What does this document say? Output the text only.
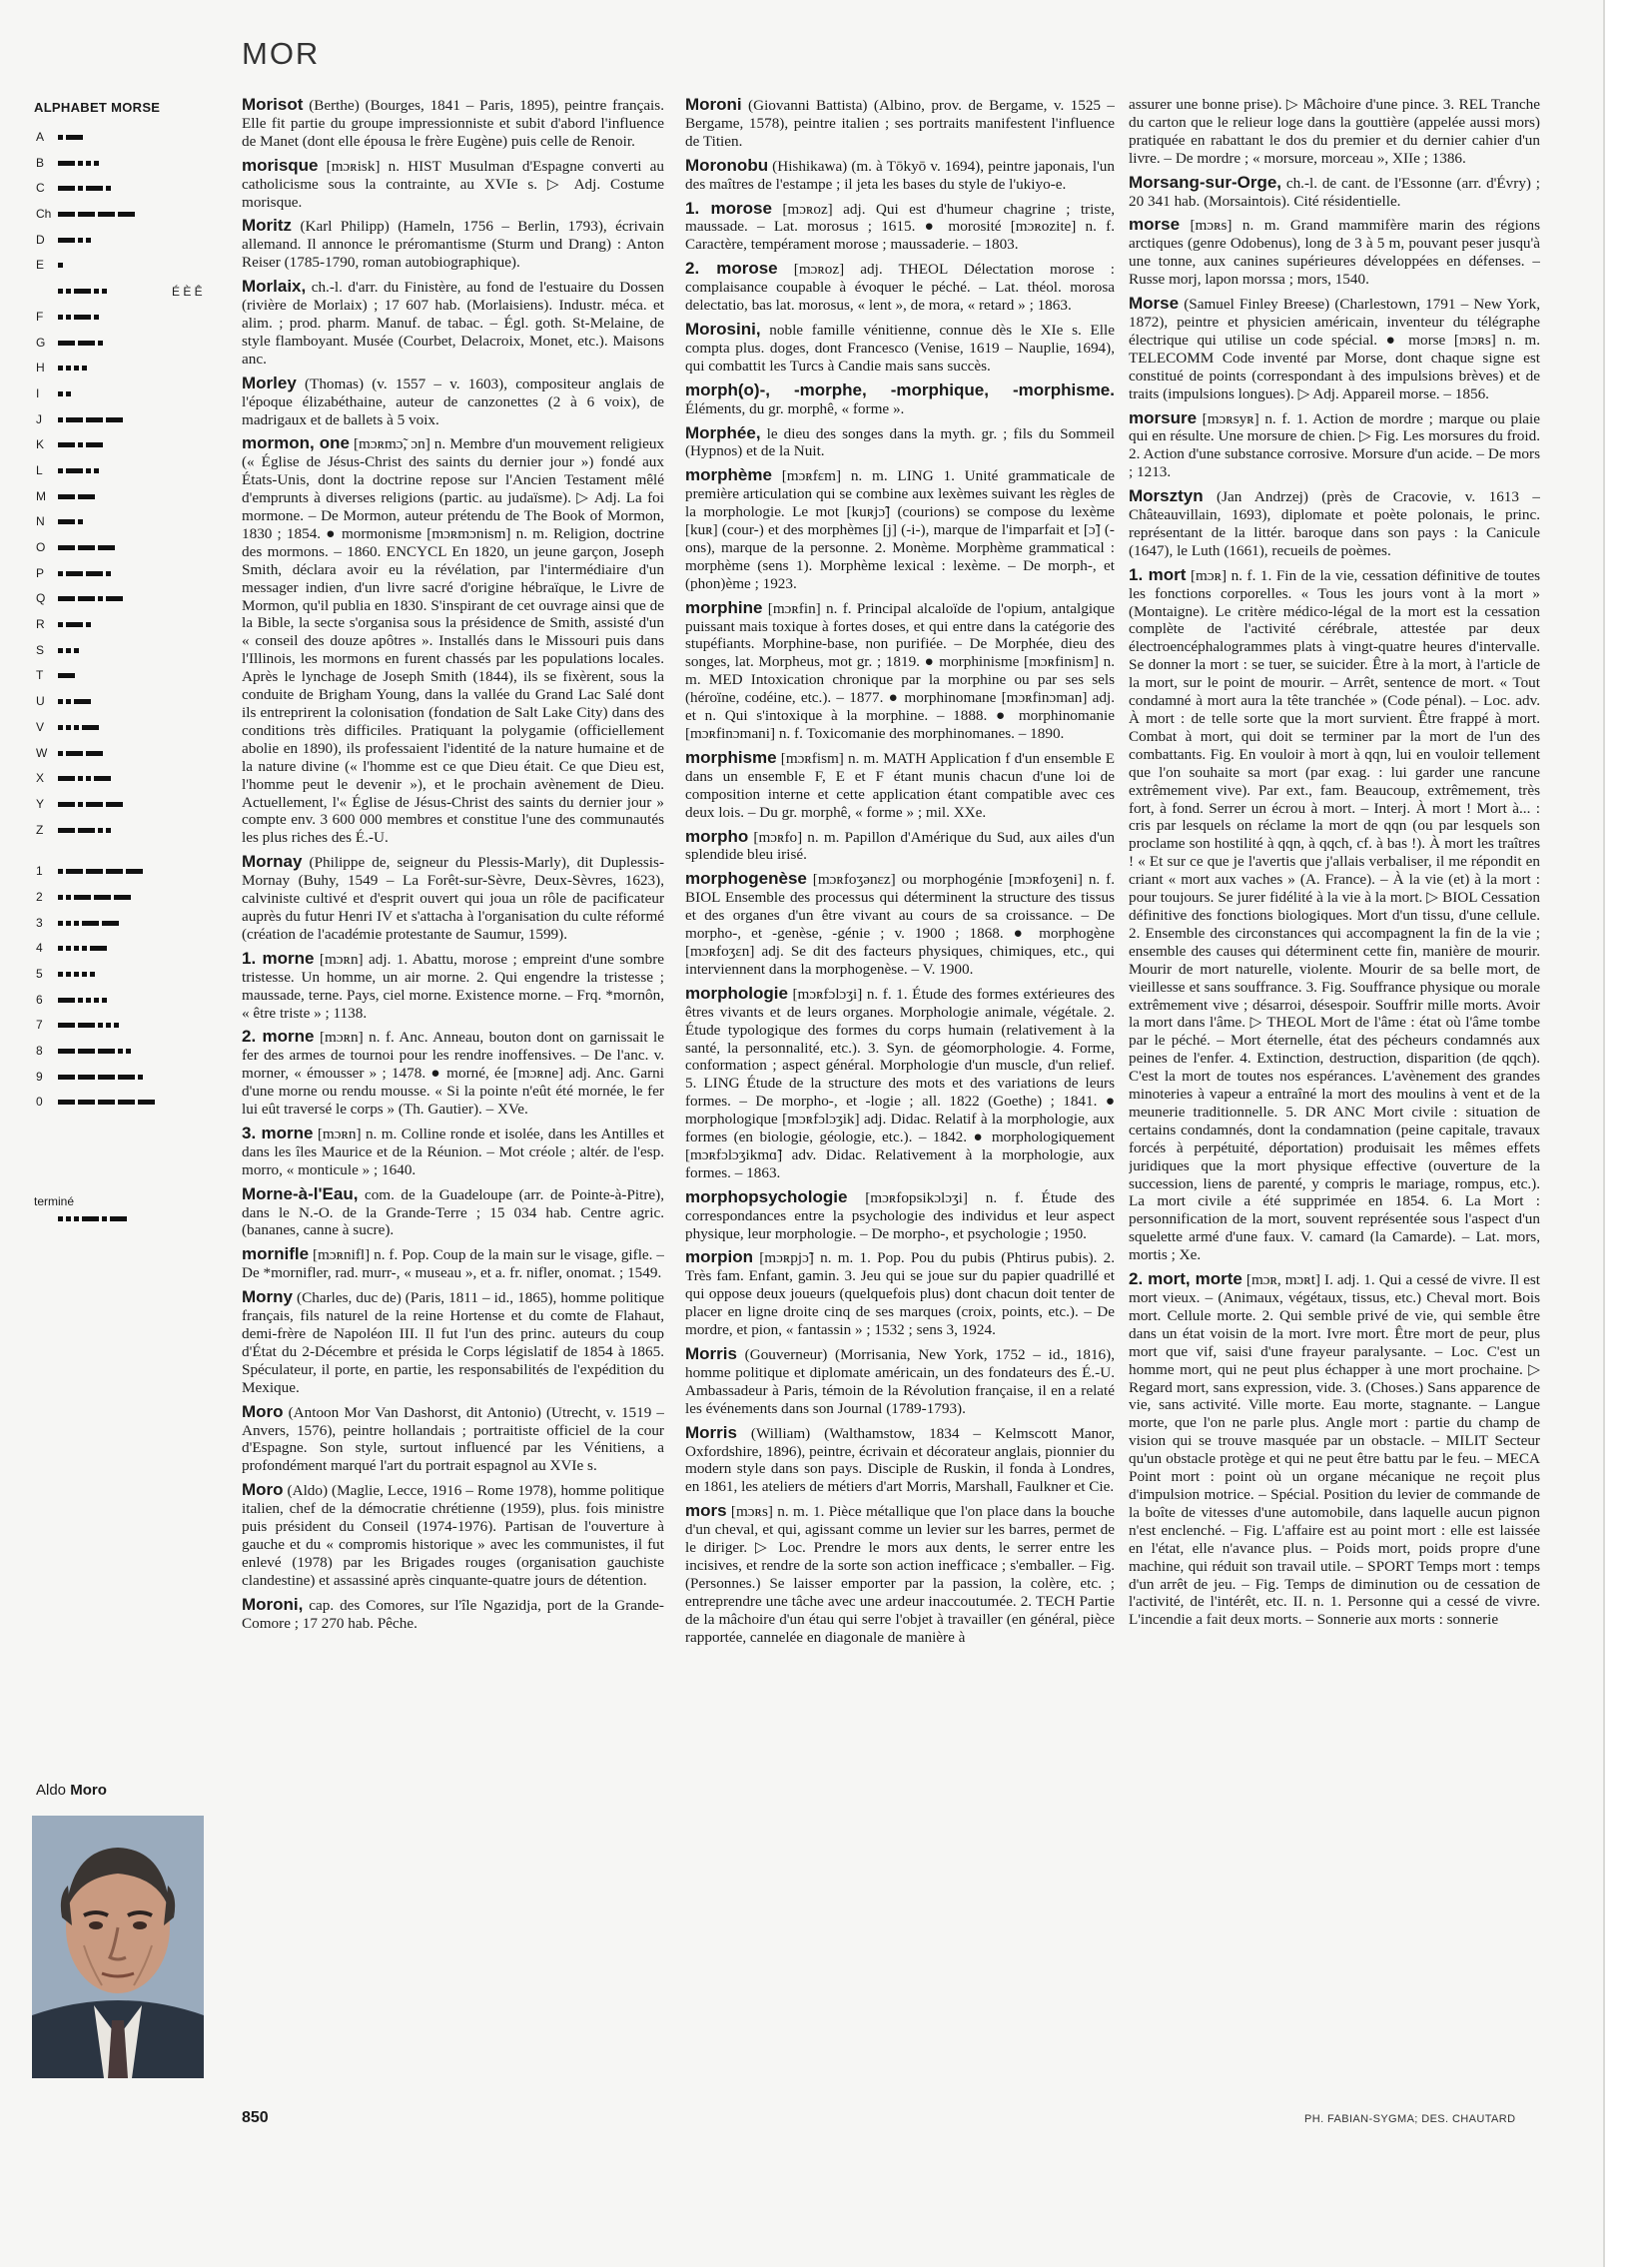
MOR
ALPHABET MORSE
A
B
C
Ch
D
E
É È Ê
F
G
H
I
J
K
L
M
N
O
P
Q
R
S
T
U
V
W
X
Y
Z
1
2
3
4
5
6
7
8
9
0
terminé
Aldo Moro

Morisot (Berthe) (Bourges, 1841 – Paris, 1895), peintre français. Elle fit partie du groupe impressionniste et subit d'abord l'influence de Manet (dont elle épousa le frère Eugène) puis celle de Renoir.

morisque [mɔʀisk] n. HIST Musulman d'Espagne converti au catholicisme sous la contrainte, au XVIe s. ▷ Adj. Costume morisque.

Moritz (Karl Philipp) (Hameln, 1756 – Berlin, 1793), écrivain allemand. Il annonce le préromantisme (Sturm und Drang) : Anton Reiser (1785-1790, roman autobiographique).

Morlaix, ch.-l. d'arr. du Finistère, au fond de l'estuaire du Dossen (rivière de Morlaix) ; 17 607 hab. (Morlaisiens). Industr. méca. et alim. ; prod. pharm. Manuf. de tabac. – Égl. goth. St-Melaine, de style flamboyant. Musée (Courbet, Delacroix, Monet, etc.). Maisons anc.

Morley (Thomas) (v. 1557 – v. 1603), compositeur anglais de l'époque élizabéthaine, auteur de canzonettes (2 à 6 voix), de madrigaux et de ballets à 5 voix.

mormon, one [mɔʀmɔ̃, ɔn] n. Membre d'un mouvement religieux (« Église de Jésus-Christ des saints du dernier jour ») fondé aux États-Unis, dont la doctrine repose sur l'Ancien Testament mêlé d'emprunts à diverses religions (partic. au judaïsme). ▷ Adj. La foi mormone. – De Mormon, auteur prétendu de The Book of Mormon, 1830 ; 1854. ● mormonisme [mɔʀmɔnism] n. m. Religion, doctrine des mormons. – 1860. ENCYCL En 1820, un jeune garçon, Joseph Smith, déclara avoir eu la révélation, par l'intermédiaire d'un messager indien, d'un livre sacré d'origine hébraïque, le Livre de Mormon, qu'il publia en 1830. S'inspirant de cet ouvrage ainsi que de la Bible, la secte s'organisa sous la présidence de Smith, assisté d'un « conseil des douze apôtres ». Installés dans le Missouri puis dans l'Illinois, les mormons en furent chassés par les populations locales. Après le lynchage de Joseph Smith (1844), ils se fixèrent, sous la conduite de Brigham Young, dans la vallée du Grand Lac Salé dont ils entreprirent la colonisation (fondation de Salt Lake City) dans des conditions très difficiles. Pratiquant la polygamie (officiellement abolie en 1890), ils professaient l'identité de la nature humaine et de la nature divine (« l'homme est ce que Dieu était. Ce que Dieu est, l'homme peut le devenir »), et le prochain avènement de Dieu. Actuellement, l'« Église de Jésus-Christ des saints du dernier jour » compte env. 3 600 000 membres et constitue l'une des communautés les plus riches des É.-U.

Mornay (Philippe de, seigneur du Plessis-Marly), dit Duplessis-Mornay (Buhy, 1549 – La Forêt-sur-Sèvre, Deux-Sèvres, 1623), calviniste cultivé et d'esprit ouvert qui joua un rôle de pacificateur auprès du futur Henri IV et s'attacha à l'organisation du culte réformé (création de l'académie protestante de Saumur, 1599).

1. morne [mɔʀn] adj. 1. Abattu, morose ; empreint d'une sombre tristesse. Un homme, un air morne. 2. Qui engendre la tristesse ; maussade, terne. Pays, ciel morne. Existence morne. – Frq. *mornôn, « être triste » ; 1138.

2. morne [mɔʀn] n. f. Anc. Anneau, bouton dont on garnissait le fer des armes de tournoi pour les rendre inoffensives. – De l'anc. v. morner, « émousser » ; 1478. ● morné, ée [mɔʀne] adj. Anc. Garni d'une morne ou rendu mousse. « Si la pointe n'eût été mornée, le fer lui eût traversé le corps » (Th. Gautier). – XVe.

3. morne [mɔʀn] n. m. Colline ronde et isolée, dans les Antilles et dans les îles Maurice et de la Réunion. – Mot créole ; altér. de l'esp. morro, « monticule » ; 1640.

Morne-à-l'Eau, com. de la Guadeloupe (arr. de Pointe-à-Pitre), dans le N.-O. de la Grande-Terre ; 15 034 hab. Centre agric. (bananes, canne à sucre).

mornifle [mɔʀnifl] n. f. Pop. Coup de la main sur le visage, gifle. – De *mornifler, rad. murr-, « museau », et a. fr. nifler, onomat. ; 1549.

Morny (Charles, duc de) (Paris, 1811 – id., 1865), homme politique français, fils naturel de la reine Hortense et du comte de Flahaut, demi-frère de Napoléon III. Il fut l'un des princ. auteurs du coup d'État du 2-Décembre et présida le Corps législatif de 1854 à 1865. Spéculateur, il porte, en partie, les responsabilités de l'expédition du Mexique.

Moro (Antoon Mor Van Dashorst, dit Antonio) (Utrecht, v. 1519 – Anvers, 1576), peintre hollandais ; portraitiste officiel de la cour d'Espagne. Son style, surtout influencé par les Vénitiens, a profondément marqué l'art du portrait espagnol au XVIe s.

Moro (Aldo) (Maglie, Lecce, 1916 – Rome 1978), homme politique italien, chef de la démocratie chrétienne (1959), plus. fois ministre puis président du Conseil (1974-1976). Partisan de l'ouverture à gauche et du « compromis historique » avec les communistes, il fut enlevé (1978) par les Brigades rouges (organisation gauchiste clandestine) et assassiné après cinquante-quatre jours de détention.

Moroni, cap. des Comores, sur l'île Ngazidja, port de la Grande-Comore ; 17 270 hab. Pêche.

Moroni (Giovanni Battista) (Albino, prov. de Bergame, v. 1525 – Bergame, 1578), peintre italien ; ses portraits manifestent l'influence de Titien.

Moronobu (Hishikawa) (m. à Tōkyō v. 1694), peintre japonais, l'un des maîtres de l'estampe ; il jeta les bases du style de l'ukiyo-e.

1. morose [mɔʀoz] adj. Qui est d'humeur chagrine ; triste, maussade. – Lat. morosus ; 1615. ● morosité [mɔʀozite] n. f. Caractère, tempérament morose ; maussaderie. – 1803.

2. morose [mɔʀoz] adj. THEOL Délectation morose : complaisance coupable à évoquer le péché. – Lat. théol. morosa delectatio, bas lat. morosus, « lent », de mora, « retard » ; 1863.

Morosini, noble famille vénitienne, connue dès le XIe s. Elle compta plus. doges, dont Francesco (Venise, 1619 – Nauplie, 1694), qui combattit les Turcs à Candie mais sans succès.

morph(o)-, -morphe, -morphique, -morphisme. Éléments, du gr. morphê, « forme ».

Morphée, le dieu des songes dans la myth. gr. ; fils du Sommeil (Hypnos) et de la Nuit.

morphème [mɔʀfɛm] n. m. LING 1. Unité grammaticale de première articulation qui se combine aux lexèmes suivant les règles de la morphologie. Le mot [kuʀjɔ̃] (courions) se compose du lexème [kuʀ] (cour-) et des morphèmes [j] (-i-), marque de l'imparfait et [ɔ̃] (-ons), marque de la personne. 2. Monème. Morphème grammatical : morphème (sens 1). Morphème lexical : lexème. – De morph-, et (phon)ème ; 1923.

morphine [mɔʀfin] n. f. Principal alcaloïde de l'opium, antalgique puissant mais toxique à fortes doses, et qui entre dans la catégorie des stupéfiants. Morphine-base, non purifiée. – De Morphée, dieu des songes, lat. Morpheus, mot gr. ; 1819. ● morphinisme [mɔʀfinism] n. m. MED Intoxication chronique par la morphine ou par ses sels (héroïne, codéine, etc.). – 1877. ● morphinomane [mɔʀfinɔman] adj. et n. Qui s'intoxique à la morphine. – 1888. ● morphinomanie [mɔʀfinɔmani] n. f. Toxicomanie des morphinomanes. – 1890.

morphisme [mɔʀfism] n. m. MATH Application f d'un ensemble E dans un ensemble F, E et F étant munis chacun d'une loi de composition interne et cette application étant compatible avec ces deux lois. – Du gr. morphê, « forme » ; mil. XXe.

morpho [mɔʀfo] n. m. Papillon d'Amérique du Sud, aux ailes d'un splendide bleu irisé.

morphogenèse [mɔʀfoʒənɛz] ou morphogénie [mɔʀfoʒeni] n. f. BIOL Ensemble des processus qui déterminent la structure des tissus et des organes d'un être vivant au cours de sa croissance. – De morpho-, et -genèse, -génie ; v. 1900 ; 1868. ● morphogène [mɔʀfoʒɛn] adj. Se dit des facteurs physiques, chimiques, etc., qui interviennent dans la morphogenèse. – V. 1900.

morphologie [mɔʀfɔlɔʒi] n. f. 1. Étude des formes extérieures des êtres vivants et de leurs organes. Morphologie animale, végétale. 2. Étude typologique des formes du corps humain (relativement à la santé, la personnalité, etc.). 3. Syn. de géomorphologie. 4. Forme, conformation ; aspect général. Morphologie d'un muscle, d'un relief. 5. LING Étude de la structure des mots et des variations de leurs formes. – De morpho-, et -logie ; all. 1822 (Goethe) ; 1841. ● morphologique [mɔʀfɔlɔʒik] adj. Didac. Relatif à la morphologie, aux formes (en biologie, géologie, etc.). – 1842. ● morphologiquement [mɔʀfɔlɔʒikmɑ̃] adv. Didac. Relativement à la morphologie, aux formes. – 1863.

morphopsychologie [mɔʀfopsikɔlɔʒi] n. f. Étude des correspondances entre la psychologie des individus et leur aspect physique, leur morphologie. – De morpho-, et psychologie ; 1950.

morpion [mɔʀpjɔ̃] n. m. 1. Pop. Pou du pubis (Phtirus pubis). 2. Très fam. Enfant, gamin. 3. Jeu qui se joue sur du papier quadrillé et qui oppose deux joueurs (quelquefois plus) dont chacun doit tenter de placer en ligne droite cinq de ses marques (croix, points, etc.). – De mordre, et pion, « fantassin » ; 1532 ; sens 3, 1924.

Morris (Gouverneur) (Morrisania, New York, 1752 – id., 1816), homme politique et diplomate américain, un des fondateurs des É.-U. Ambassadeur à Paris, témoin de la Révolution française, il en a relaté les événements dans son Journal (1789-1793).

Morris (William) (Walthamstow, 1834 – Kelmscott Manor, Oxfordshire, 1896), peintre, écrivain et décorateur anglais, pionnier du modern style dans son pays. Disciple de Ruskin, il fonda à Londres, en 1861, les ateliers de métiers d'art Morris, Marshall, Faulkner et Cie.

mors [mɔʀs] n. m. 1. Pièce métallique que l'on place dans la bouche d'un cheval, et qui, agissant comme un levier sur les barres, permet de le diriger. ▷ Loc. Prendre le mors aux dents, le serrer entre les incisives, et rendre de la sorte son action inefficace ; s'emballer. – Fig. (Personnes.) Se laisser emporter par la passion, la colère, etc. ; entreprendre une tâche avec une ardeur inaccoutumée. 2. TECH Partie de la mâchoire d'un étau qui serre l'objet à travailler (en général, pièce rapportée, cannelée en diagonale de manière à

assurer une bonne prise). ▷ Mâchoire d'une pince. 3. REL Tranche du carton que le relieur loge dans la gouttière (appelée aussi mors) pratiquée en rabattant le dos du premier et du dernier cahier d'un livre. – De mordre ; « morsure, morceau », XIIe ; 1386.

Morsang-sur-Orge, ch.-l. de cant. de l'Essonne (arr. d'Évry) ; 20 341 hab. (Morsaintois). Cité résidentielle.

morse [mɔʀs] n. m. Grand mammifère marin des régions arctiques (genre Odobenus), long de 3 à 5 m, pouvant peser jusqu'à une tonne, aux canines supérieures développées en défenses. – Russe morj, lapon morssa ; mors, 1540.

Morse (Samuel Finley Breese) (Charlestown, 1791 – New York, 1872), peintre et physicien américain, inventeur du télégraphe électrique qui utilise un code spécial. ● morse [mɔʀs] n. m. TELECOMM Code inventé par Morse, dont chaque signe est constitué de points (correspondant à des impulsions brèves) et de traits (impulsions longues). ▷ Adj. Appareil morse. – 1856.

morsure [mɔʀsyʀ] n. f. 1. Action de mordre ; marque ou plaie qui en résulte. Une morsure de chien. ▷ Fig. Les morsures du froid. 2. Action d'une substance corrosive. Morsure d'un acide. – De mors ; 1213.

Morsztyn (Jan Andrzej) (près de Cracovie, v. 1613 – Châteauvillain, 1693), diplomate et poète polonais, le princ. représentant de la littér. baroque dans son pays : la Canicule (1647), le Luth (1661), recueils de poèmes.

1. mort [mɔʀ] n. f. 1. Fin de la vie, cessation définitive de toutes les fonctions corporelles. « Tous les jours vont à la mort » (Montaigne). Le critère médico-légal de la mort est la cessation complète de l'activité cérébrale, attestée par deux électroencéphalogrammes plats à vingt-quatre heures d'intervalle. Se donner la mort : se tuer, se suicider. Être à la mort, à l'article de la mort, sur le point de mourir. – Arrêt, sentence de mort. « Tout condamné à mort aura la tête tranchée » (Code pénal). – Loc. adv. À mort : de telle sorte que la mort survient. Être frappé à mort. Combat à mort, qui doit se terminer par la mort de l'un des combattants. Fig. En vouloir à mort à qqn, lui en vouloir tellement que l'on souhaite sa mort (par exag. : lui garder une rancune extrêmement vive). Par ext., fam. Beaucoup, extrêmement, très fort, à fond. Serrer un écrou à mort. – Interj. À mort ! Mort à... : cris par lesquels on réclame la mort de qqn (ou par lesquels son proclame son hostilité à qqn, à qqch, cf. à bas !). À mort les traîtres ! « Et sur ce que je l'avertis que j'allais verbaliser, il me répondit en criant « mort aux vaches » (A. France). – À la vie (et) à la mort : pour toujours. Se jurer fidélité à la vie à la mort. ▷ BIOL Cessation définitive des fonctions biologiques. Mort d'un tissu, d'une cellule. 2. Ensemble des circonstances qui accompagnent la fin de la vie ; ensemble des causes qui déterminent cette fin, manière de mourir. Mourir de mort naturelle, violente. Mourir de sa belle mort, de vieillesse et sans souffrance. 3. Fig. Souffrance physique ou morale extrêmement vive ; désarroi, désespoir. Souffrir mille morts. Avoir la mort dans l'âme. ▷ THEOL Mort de l'âme : état où l'âme tombe par le péché. – Mort éternelle, état des pécheurs condamnés aux peines de l'enfer. 4. Extinction, destruction, disparition (de qqch). C'est la mort de toutes nos espérances. L'avènement des grandes minoteries à vapeur a entraîné la mort des moulins à vent et de la meunerie traditionnelle. 5. DR ANC Mort civile : situation de certains condamnés, dont la condamnation (peine capitale, travaux forcés à perpétuité, déportation) produisait les mêmes effets juridiques que la mort physique effective (ouverture de la succession, liens de parenté, y compris le mariage, rompus, etc.). La mort civile a été supprimée en 1854. 6. La Mort : personnification de la mort, souvent représentée sous l'aspect d'un squelette armé d'une faux. V. camard (la Camarde). – Lat. mors, mortis ; Xe.

2. mort, morte [mɔʀ, mɔʀt] I. adj. 1. Qui a cessé de vivre. Il est mort vieux. – (Animaux, végétaux, tissus, etc.) Cheval mort. Bois mort. Cellule morte. 2. Qui semble privé de vie, qui semble être dans un état voisin de la mort. Ivre mort. Être mort de peur, plus mort que vif, saisi d'une frayeur paralysante. – Loc. C'est un homme mort, qui ne peut plus échapper à une mort prochaine. ▷ Regard mort, sans expression, vide. 3. (Choses.) Sans apparence de vie, sans activité. Ville morte. Eau morte, stagnante. – Langue morte, que l'on ne parle plus. Angle mort : partie du champ de vision qui se trouve masquée par un obstacle. – MILIT Secteur qu'un obstacle protège et qui ne peut être battu par le feu. – MECA Point mort : point où un organe mécanique ne reçoit plus d'impulsion motrice. – Spécial. Position du levier de commande de la boîte de vitesses d'une automobile, dans laquelle aucun pignon n'est enclenché. – Fig. L'affaire est au point mort : elle est laissée en l'état, elle n'avance plus. – Poids mort, poids propre d'une machine, qui réduit son travail utile. – SPORT Temps mort : temps d'un arrêt de jeu. – Fig. Temps de diminution ou de cessation de l'activité, de l'intérêt, etc. II. n. 1. Personne qui a cessé de vivre. L'incendie a fait deux morts. – Sonnerie aux morts : sonnerie

850	PH. FABIAN-SYGMA; DES. CHAUTARD
